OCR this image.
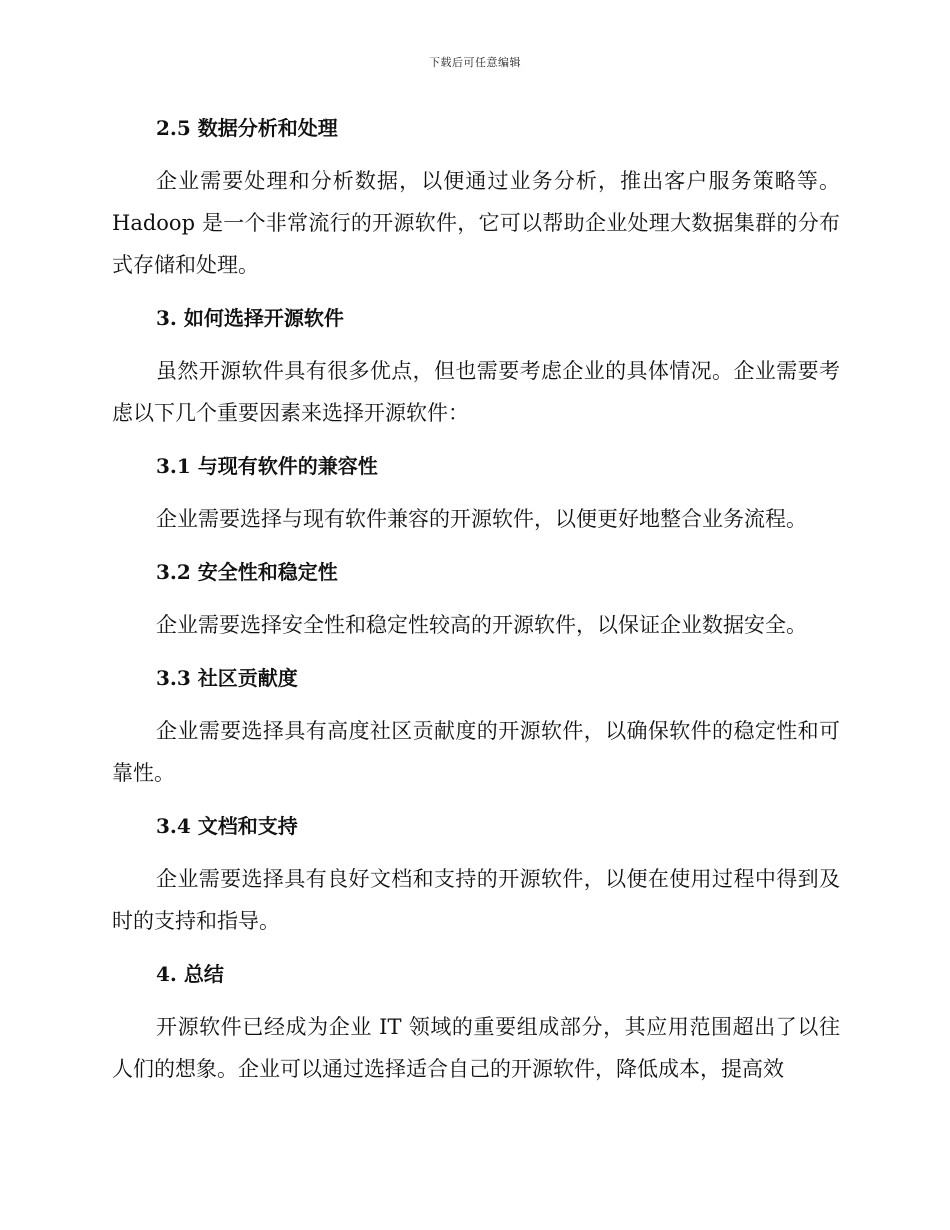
下载后可任意编辑
2.5 数据分析和处理

企业需要处理和分析数据，以便通过业务分析，推出客户服务策略等。Hadoop 是一个非常流行的开源软件，它可以帮助企业处理大数据集群的分布式存储和处理。

3. 如何选择开源软件

虽然开源软件具有很多优点，但也需要考虑企业的具体情况。企业需要考虑以下几个重要因素来选择开源软件：

3.1 与现有软件的兼容性

企业需要选择与现有软件兼容的开源软件，以便更好地整合业务流程。

3.2 安全性和稳定性

企业需要选择安全性和稳定性较高的开源软件，以保证企业数据安全。

3.3 社区贡献度

企业需要选择具有高度社区贡献度的开源软件，以确保软件的稳定性和可靠性。

3.4 文档和支持

企业需要选择具有良好文档和支持的开源软件，以便在使用过程中得到及时的支持和指导。

4. 总结

开源软件已经成为企业 IT 领域的重要组成部分，其应用范围超出了以往人们的想象。企业可以通过选择适合自己的开源软件，降低成本，提高效
